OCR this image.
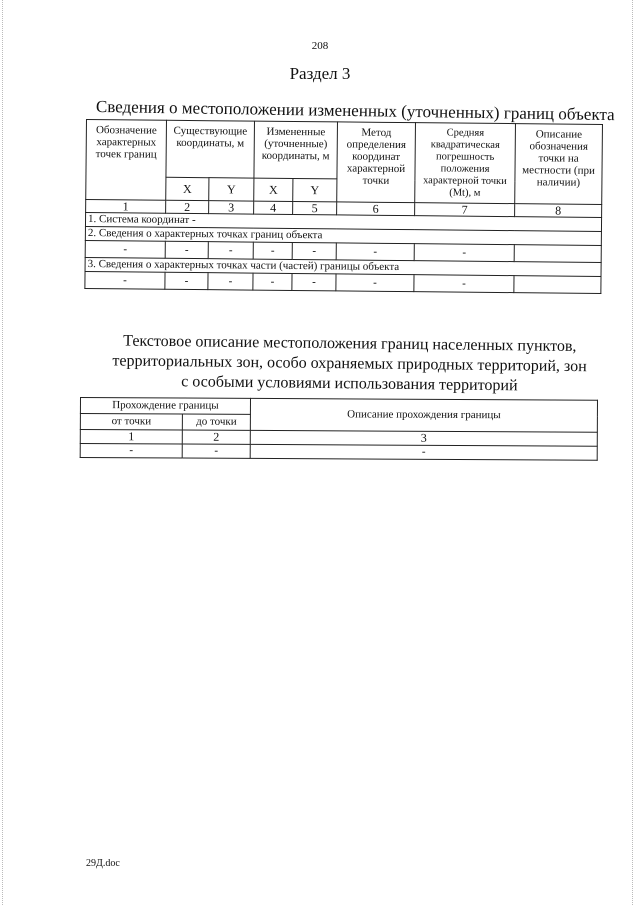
208
Раздел 3
Сведения о местоположении измененных (уточненных) границ объекта
Обозначение характерных точек границ	Существующие координаты, м		Измененные (уточненные) координаты, м		Метод определения координат характерной точки	Средняя квадратическая погрешность положения характерной точки (Mt), м	Описание обозначения точки на местности (при наличии)
	X	Y	X	Y			
1	2	3	4	5	6	7	8
1. Система координат -							
2. Сведения о характерных точках границ объекта							
-	-	-	-	-	-	-	
3. Сведения о характерных точках части (частей) границы объекта							
-	-	-	-	-	-	-	
Текстовое описание местоположения границ населенных пунктов,
территориальных зон, особо охраняемых природных территорий, зон
с особыми условиями использования территорий
Прохождение границы		Описание прохождения границы
от точки	до точки	
1	2	3
-	-	-
29Д.doc
